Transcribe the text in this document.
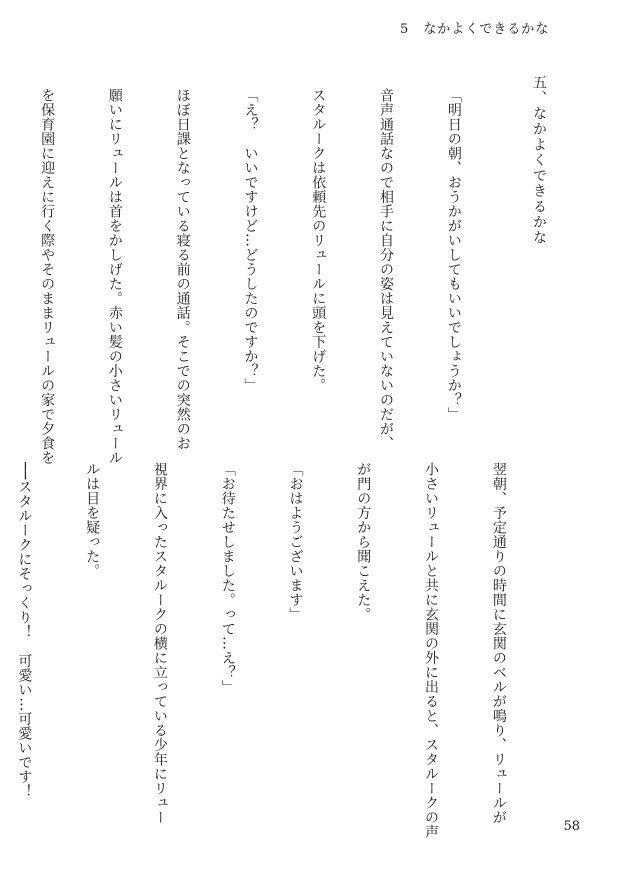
5　なかよくできるかな
五、なかよくできるかな

「明日の朝、おうかがいしてもいいでしょうか？」

音声通話なので相手に自分の姿は見えていないのだが、

スタルークは依頼先のリュールに頭を下げた。

「え？　いいですけど…どうしたのですか？」

ほぼ日課となっている寝る前の通話。そこでの突然のお

願いにリュールは首をかしげた。赤い髪の小さいリュール

を保育園に迎えに行く際やそのままリュールの家で夕食を

翌朝、予定通りの時間に玄関のベルが鳴り、リュールが

小さいリュールと共に玄関の外に出ると、スタルークの声

が門の方から聞こえた。

「おはようございます」

「お待たせしました。って…え？」

視界に入ったスタルークの横に立っている少年にリュー

ルは目を疑った。

──スタルークにそっくり！　可愛い…可愛いです！

58
